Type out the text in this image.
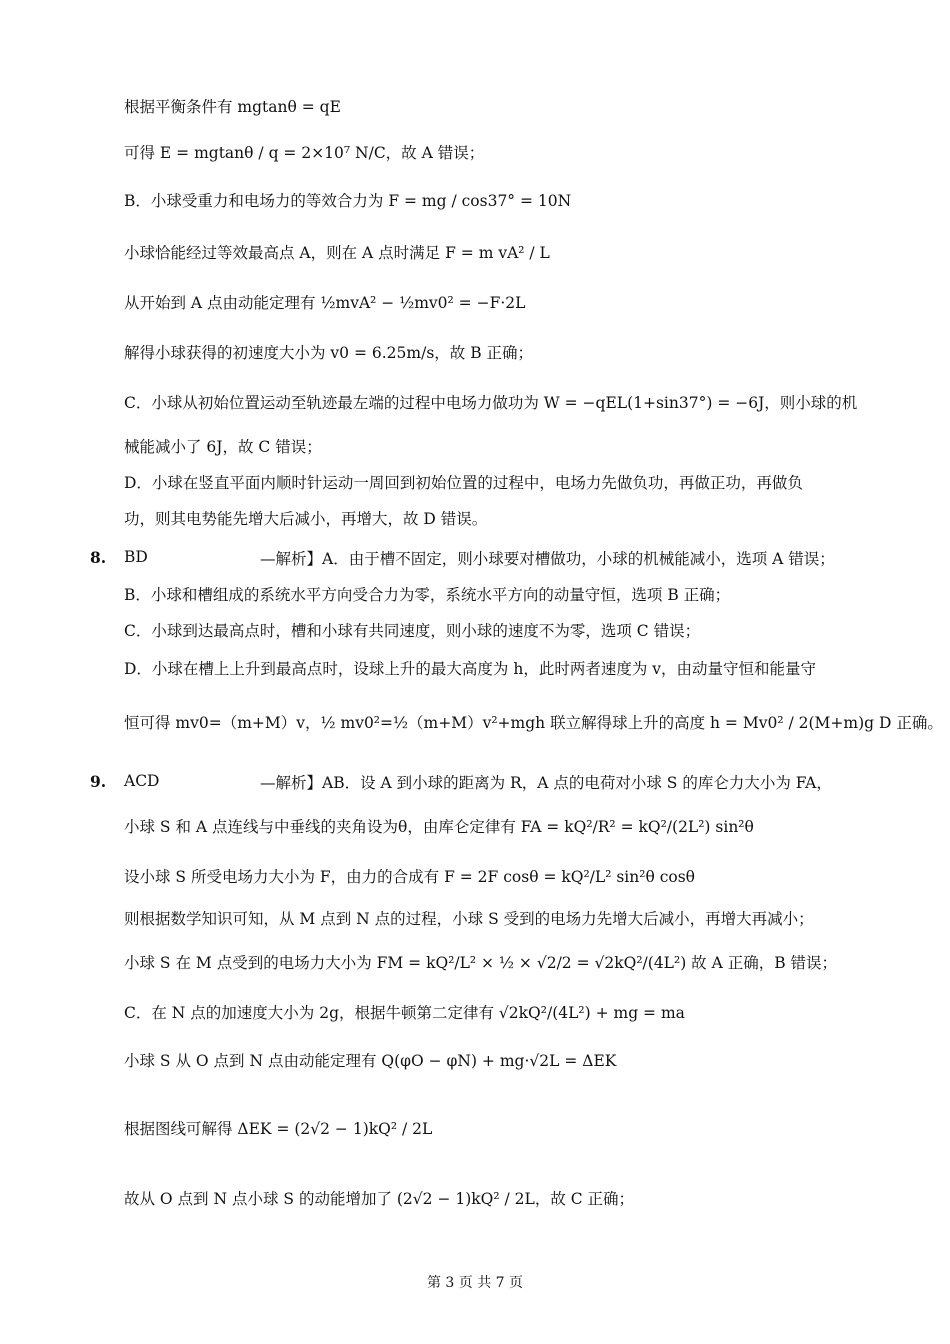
根据平衡条件有 mgtanθ = qE
可得 E = mgtanθ / q = 2×10⁷ N/C，故 A 错误；
B．小球受重力和电场力的等效合力为 F = mg / cos37° = 10N
小球恰能经过等效最高点 A，则在 A 点时满足 F = m vA² / L
从开始到 A 点由动能定理有 ½mvA² − ½mv0² = −F·2L
解得小球获得的初速度大小为 v0 = 6.25m/s，故 B 正确；
C．小球从初始位置运动至轨迹最左端的过程中电场力做功为 W = −qEL(1+sin37°) = −6J，则小球的机
械能减小了 6J，故 C 错误；
D．小球在竖直平面内顺时针运动一周回到初始位置的过程中，电场力先做负功，再做正功，再做负
功，则其电势能先增大后减小，再增大，故 D 错误。
8. BD	—解析】A．由于槽不固定，则小球要对槽做功，小球的机械能减小，选项 A 错误；
B．小球和槽组成的系统水平方向受合力为零，系统水平方向的动量守恒，选项 B 正确；
C．小球到达最高点时，槽和小球有共同速度，则小球的速度不为零，选项 C 错误；
D．小球在槽上上升到最高点时，设球上升的最大高度为 h，此时两者速度为 v，由动量守恒和能量守
恒可得 mv0=（m+M）v，½ mv0²=½（m+M）v²+mgh 联立解得球上升的高度 h = Mv0² / 2(M+m)g D 正确。
9. ACD	—解析】AB．设 A 到小球的距离为 R，A 点的电荷对小球 S 的库仑力大小为 FA，
小球 S 和 A 点连线与中垂线的夹角设为θ，由库仑定律有 FA = kQ²/R² = kQ²/(2L²) sin²θ
设小球 S 所受电场力大小为 F，由力的合成有 F = 2F cosθ = kQ²/L² sin²θ cosθ
则根据数学知识可知，从 M 点到 N 点的过程，小球 S 受到的电场力先增大后减小，再增大再减小；
小球 S 在 M 点受到的电场力大小为 FM = kQ²/L² × ½ × √2/2 = √2kQ²/(4L²) 故 A 正确，B 错误；
C．在 N 点的加速度大小为 2g，根据牛顿第二定律有 √2kQ²/(4L²) + mg = ma
小球 S 从 O 点到 N 点由动能定理有 Q(φO − φN) + mg·√2L = ΔEK
根据图线可解得 ΔEK = (2√2 − 1)kQ² / 2L
故从 O 点到 N 点小球 S 的动能增加了 (2√2 − 1)kQ² / 2L，故 C 正确；
第 3 页 共 7 页
